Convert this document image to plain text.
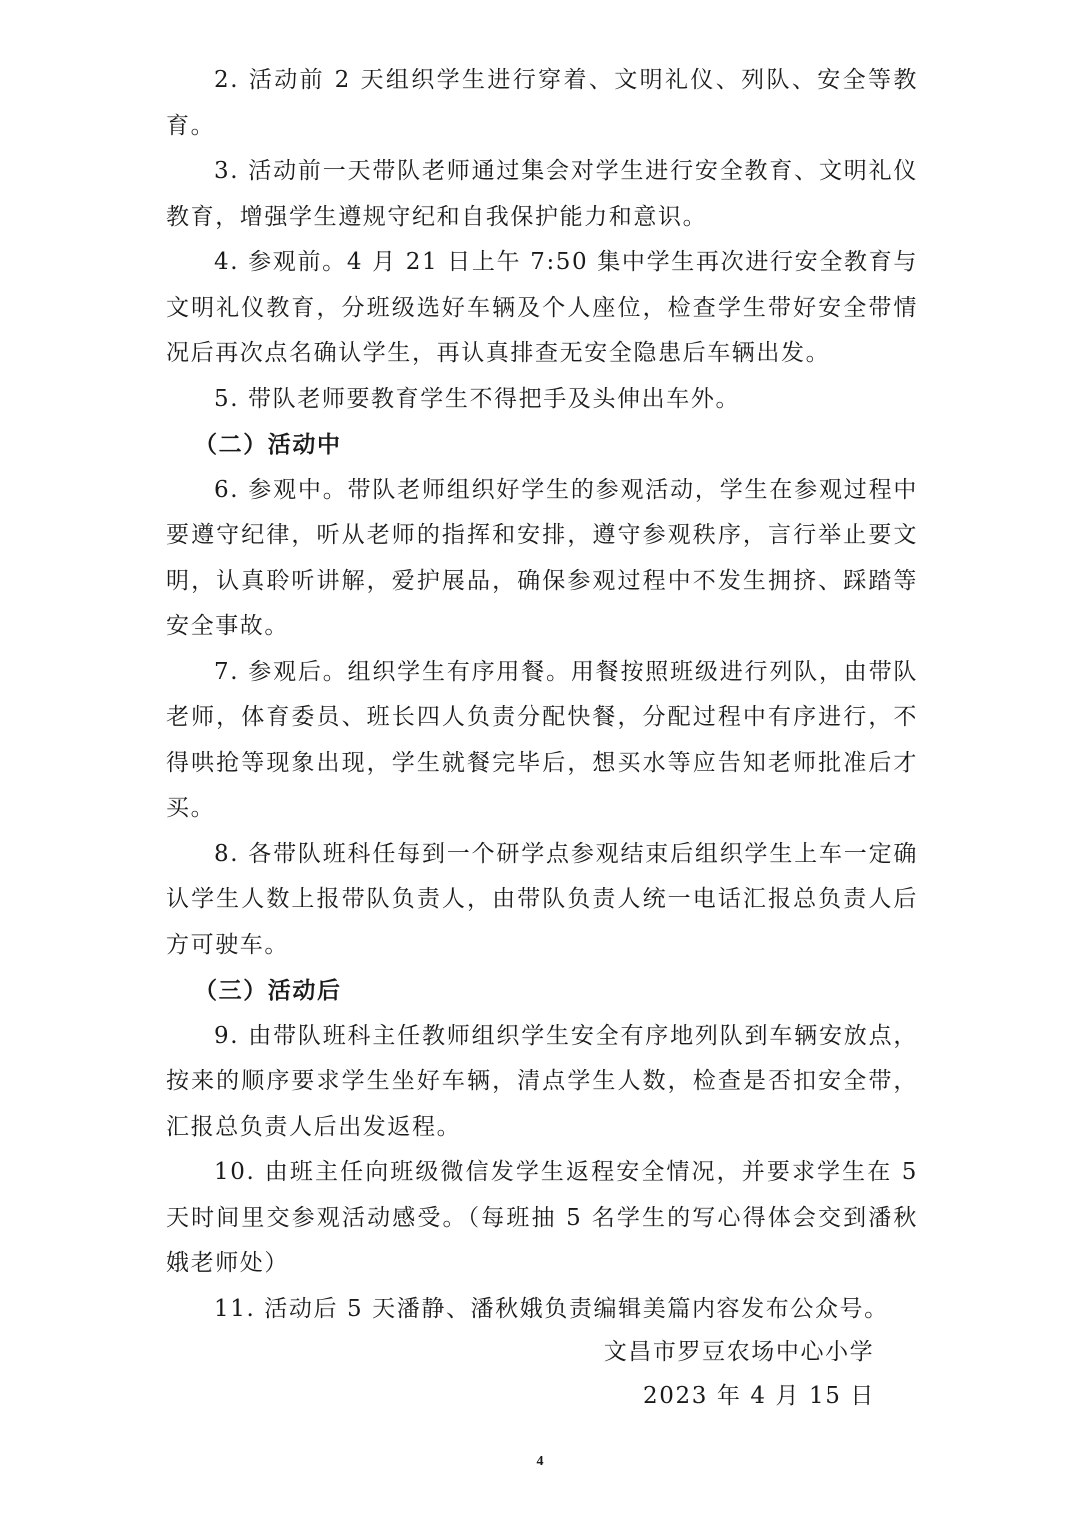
2. 活动前 2 天组织学生进行穿着、文明礼仪、列队、安全等教育。

3. 活动前一天带队老师通过集会对学生进行安全教育、文明礼仪教育，增强学生遵规守纪和自我保护能力和意识。

4. 参观前。4 月 21 日上午 7:50 集中学生再次进行安全教育与文明礼仪教育，分班级选好车辆及个人座位，检查学生带好安全带情况后再次点名确认学生，再认真排查无安全隐患后车辆出发。

5. 带队老师要教育学生不得把手及头伸出车外。

（二）活动中

6. 参观中。带队老师组织好学生的参观活动，学生在参观过程中要遵守纪律，听从老师的指挥和安排，遵守参观秩序，言行举止要文明，认真聆听讲解，爱护展品，确保参观过程中不发生拥挤、踩踏等安全事故。

7. 参观后。组织学生有序用餐。用餐按照班级进行列队，由带队老师，体育委员、班长四人负责分配快餐，分配过程中有序进行，不得哄抢等现象出现，学生就餐完毕后，想买水等应告知老师批准后才买。

8. 各带队班科任每到一个研学点参观结束后组织学生上车一定确认学生人数上报带队负责人，由带队负责人统一电话汇报总负责人后方可驶车。

（三）活动后

9. 由带队班科主任教师组织学生安全有序地列队到车辆安放点，按来的顺序要求学生坐好车辆，清点学生人数，检查是否扣安全带，汇报总负责人后出发返程。

10. 由班主任向班级微信发学生返程安全情况，并要求学生在 5 天时间里交参观活动感受。（每班抽 5 名学生的写心得体会交到潘秋娥老师处）

11. 活动后 5 天潘静、潘秋娥负责编辑美篇内容发布公众号。

文昌市罗豆农场中心小学
2023 年 4 月 15 日
4
